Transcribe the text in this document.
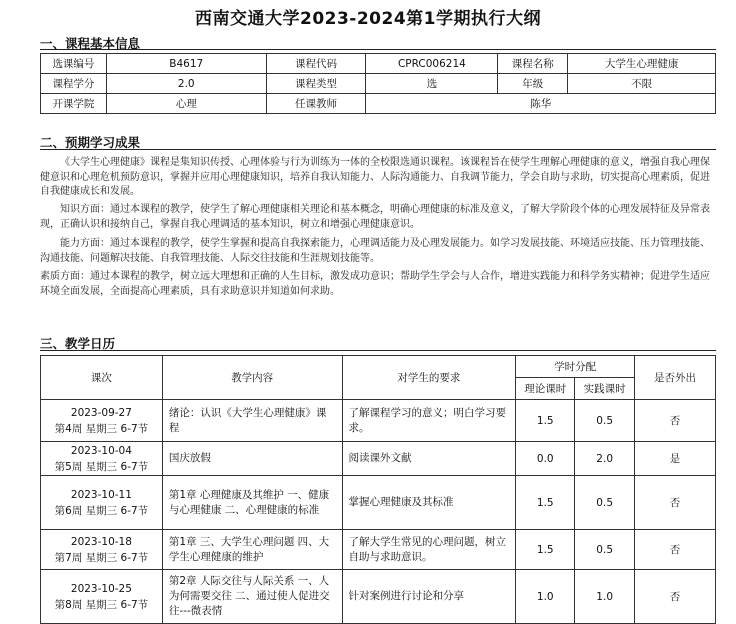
西南交通大学2023-2024第1学期执行大纲
一、课程基本信息
选课编号	B4617	课程代码	CPRC006214	课程名称	大学生心理健康
课程学分	2.0	课程类型	选	年级	不限
开课学院	心理	任课教师	陈华		
二、预期学习成果
《大学生心理健康》课程是集知识传授、心理体验与行为训练为一体的全校限选通识课程。该课程旨在使学生理解心理健康的意义，增强自我心理保健意识和心理危机预防意识，掌握并应用心理健康知识，培养自我认知能力、人际沟通能力、自我调节能力，学会自助与求助，切实提高心理素质，促进自我健康成长和发展。
知识方面：通过本课程的教学，使学生了解心理健康相关理论和基本概念，明确心理健康的标准及意义，了解大学阶段个体的心理发展特征及异常表现，正确认识和接纳自己，掌握自我心理调适的基本知识，树立和增强心理健康意识。
能力方面：通过本课程的教学，使学生掌握和提高自我探索能力，心理调适能力及心理发展能力。如学习发展技能、环境适应技能、压力管理技能、沟通技能、问题解决技能、自我管理技能、人际交往技能和生涯规划技能等。
素质方面：通过本课程的教学，树立远大理想和正确的人生目标，激发成功意识；帮助学生学会与人合作，增进实践能力和科学务实精神；促进学生适应环境全面发展，全面提高心理素质，具有求助意识并知道如何求助。
三、教学日历
课次	教学内容	对学生的要求	学时分配		是否外出
			理论课时	实践课时	

2023-09-27
第4周 星期三 6-7节	绪论：认识《大学生心理健康》课程	了解课程学习的意义；明白学习要求。	1.5	0.5	否

2023-10-04
第5周 星期三 6-7节	国庆放假	阅读课外文献	0.0	2.0	是

2023-10-11
第6周 星期三 6-7节	第1章 心理健康及其维护 一、健康与心理健康 二、心理健康的标准	掌握心理健康及其标准	1.5	0.5	否

2023-10-18
第7周 星期三 6-7节	第1章 三、大学生心理问题 四、大学生心理健康的维护	了解大学生常见的心理问题，树立自助与求助意识。	1.5	0.5	否

2023-10-25
第8周 星期三 6-7节	第2章 人际交往与人际关系 一、人为何需要交往 二、通过使人促进交往---微表情	针对案例进行讨论和分享	1.0	1.0	否
